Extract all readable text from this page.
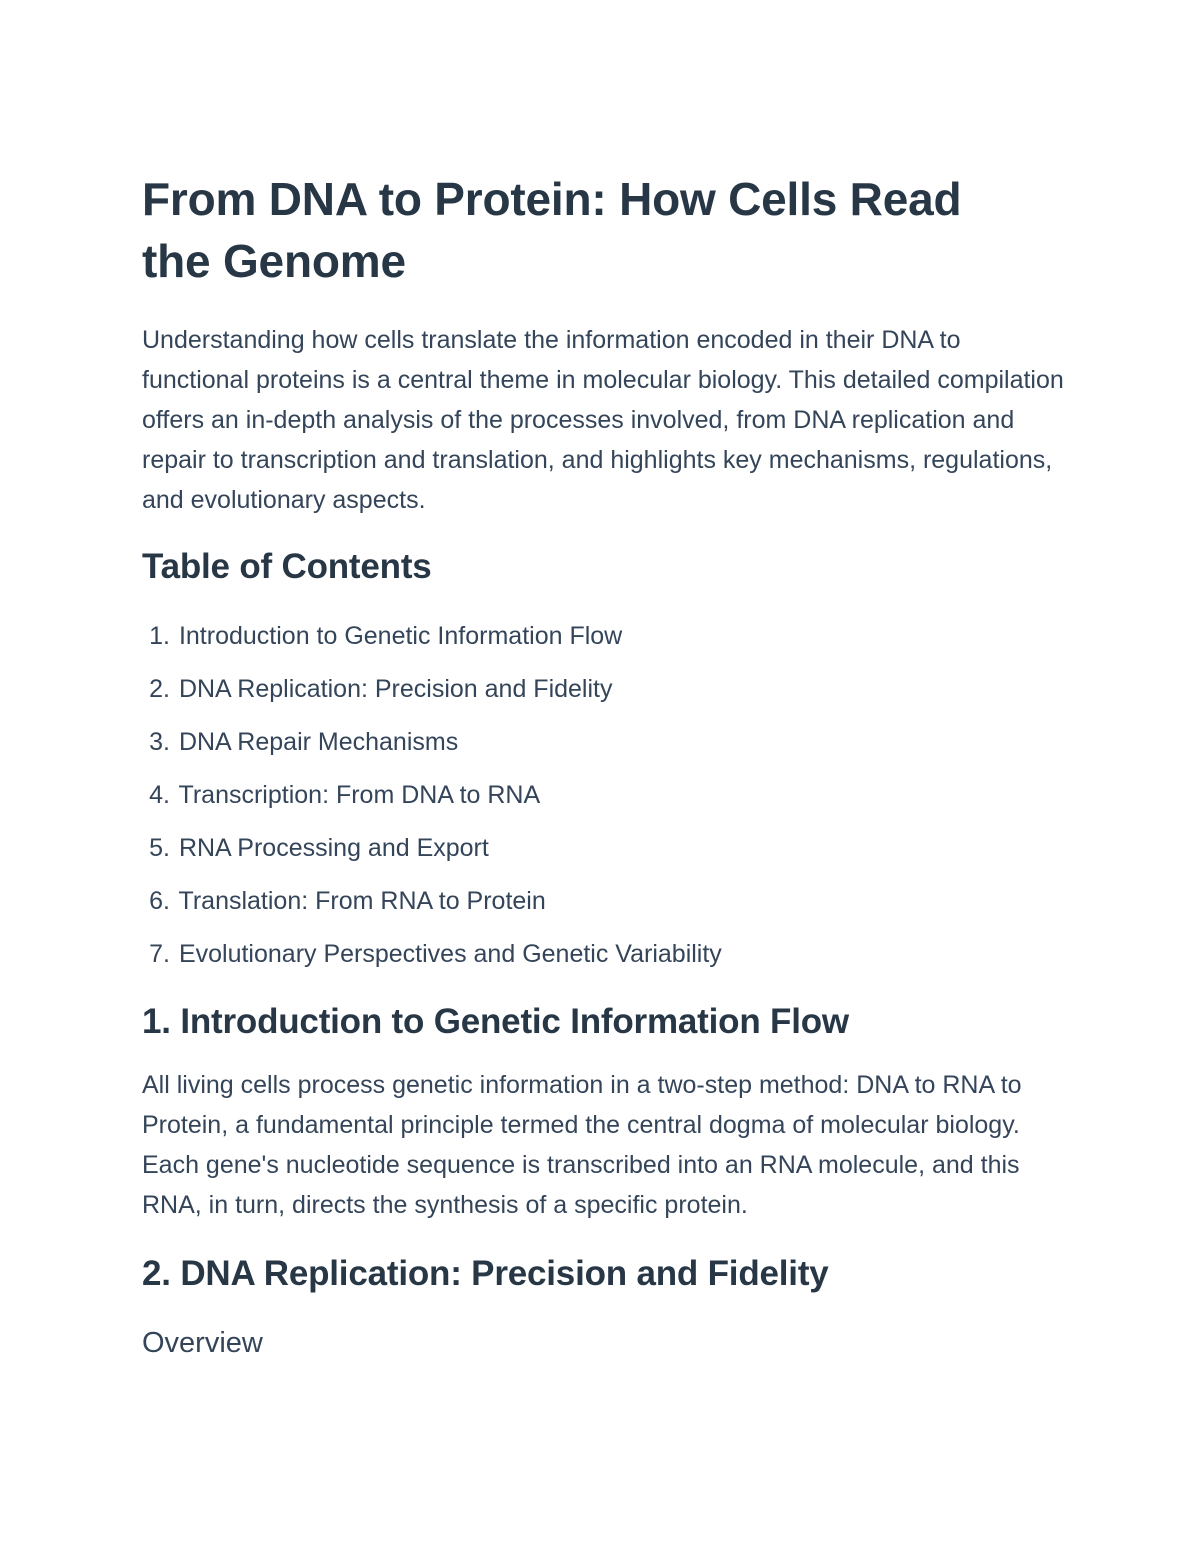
From DNA to Protein: How Cells Read the Genome

Understanding how cells translate the information encoded in their DNA to functional proteins is a central theme in molecular biology. This detailed compilation offers an in-depth analysis of the processes involved, from DNA replication and repair to transcription and translation, and highlights key mechanisms, regulations, and evolutionary aspects.

Table of Contents
1. Introduction to Genetic Information Flow
2. DNA Replication: Precision and Fidelity
3. DNA Repair Mechanisms
4. Transcription: From DNA to RNA
5. RNA Processing and Export
6. Translation: From RNA to Protein
7. Evolutionary Perspectives and Genetic Variability
1. Introduction to Genetic Information Flow

All living cells process genetic information in a two-step method: DNA to RNA to Protein, a fundamental principle termed the central dogma of molecular biology. Each gene's nucleotide sequence is transcribed into an RNA molecule, and this RNA, in turn, directs the synthesis of a specific protein.

2. DNA Replication: Precision and Fidelity
Overview
